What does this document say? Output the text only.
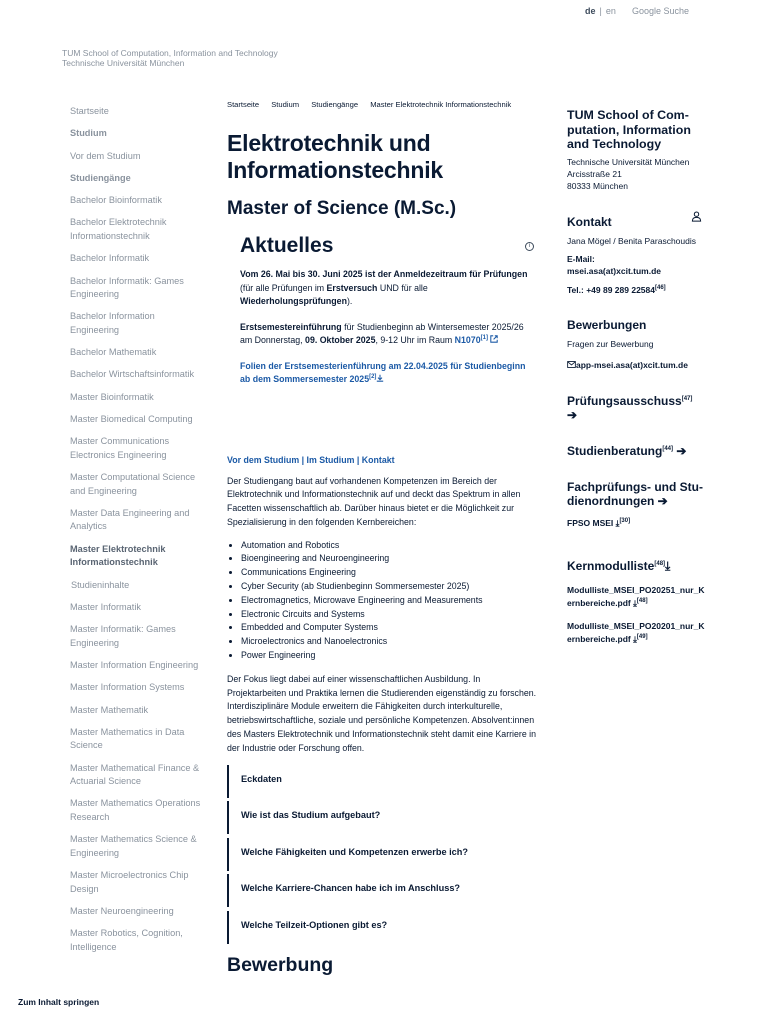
de | en Google Suche
TUM School of Computation, Information and Technology
Technische Universität München
Startseite
Studium
Vor dem Studium
Studiengänge
Bachelor Bioinformatik
Bachelor Elektrotechnik Informationstechnik
Bachelor Informatik
Bachelor Informatik: Games Engineering
Bachelor Information Engineering
Bachelor Mathematik
Bachelor Wirtschaftsinformatik
Master Bioinformatik
Master Biomedical Computing
Master Communications Electronics Engineering
Master Computational Science and Engineering
Master Data Engineering and Analytics
Master Elektrotechnik Informationstechnik
Studieninhalte
Master Informatik
Master Informatik: Games Engineering
Master Information Engineering
Master Information Systems
Master Mathematik
Master Mathematics in Data Science
Master Mathematical Finance & Actuarial Science
Master Mathematics Operations Research
Master Mathematics Science & Engineering
Master Microelectronics Chip Design
Master Neuroengineering
Master Robotics, Cognition, Intelligence
Startseite Studium Studiengänge Master Elektrotechnik Informationstechnik
Elektrotechnik und Informationstechnik
Master of Science (M.Sc.)
Aktuelles	i

Vom 26. Mai bis 30. Juni 2025 ist der Anmeldezeitraum für Prüfungen (für alle Prüfungen im Erstversuch UND für alle Wiederholungsprüfungen).

Erstsemestereinführung für Studienbeginn ab Wintersemester 2025/26 am Donnerstag, 09. Oktober 2025, 9-12 Uhr im Raum N1070[1]

Folien der Erstsemesterienführung am 22.04.2025 für Studienbeginn ab dem Sommersemester 2025[2]

Vor dem Studium | Im Studium | Kontakt

Der Studiengang baut auf vorhandenen Kompetenzen im Bereich der Elektrotechnik und Informationstechnik auf und deckt das Spektrum in allen Facetten wissenschaftlich ab. Darüber hinaus bietet er die Möglichkeit zur Spezialisierung in den folgenden Kernbereichen:

• Automation and Robotics
• Bioengineering and Neuroengineering
• Communications Engineering
• Cyber Security (ab Studienbeginn Sommersemester 2025)
• Electromagnetics, Microwave Engineering and Measurements
• Electronic Circuits and Systems
• Embedded and Computer Systems
• Microelectronics and Nanoelectronics
• Power Engineering

Der Fokus liegt dabei auf einer wissenschaftlichen Ausbildung. In Projektarbeiten und Praktika lernen die Studierenden eigenständig zu forschen. Interdisziplinäre Module erweitern die Fähigkeiten durch interkulturelle, betriebswirtschaftliche, soziale und persönliche Kompetenzen. Absolvent:innen des Masters Elektrotechnik und Informationstechnik steht damit eine Karriere in der Industrie oder Forschung offen.

Eckdaten
Wie ist das Studium aufgebaut?
Welche Fähigkeiten und Kompetenzen erwerbe ich?
Welche Karriere-Chancen habe ich im Anschluss?
Welche Teilzeit-Optionen gibt es?
Bewerbung
TUM School of Computation, Information and Technology
Technische Universität München
Arcisstraße 21
80333 München
Kontakt
Jana Mögel / Benita Paraschoudis
E-Mail:
msei.asa(at)xcit.tum.de
Tel.: +49 89 289 22584[46]
Bewerbungen
Fragen zur Bewerbung
app-msei.asa(at)xcit.tum.de
Prüfungsausschuss[47]
➔
Studienberatung[44] ➔
Fachprüfungs- und Studienordnungen ➔
FPSO MSEI ⤓[30]
Kernmodulliste[48]⤓
Modulliste_MSEI_PO20251_nur_Kernbereiche.pdf ⤓[48]
Modulliste_MSEI_PO20201_nur_Kernbereiche.pdf ⤓[49]
Zum Inhalt springen
